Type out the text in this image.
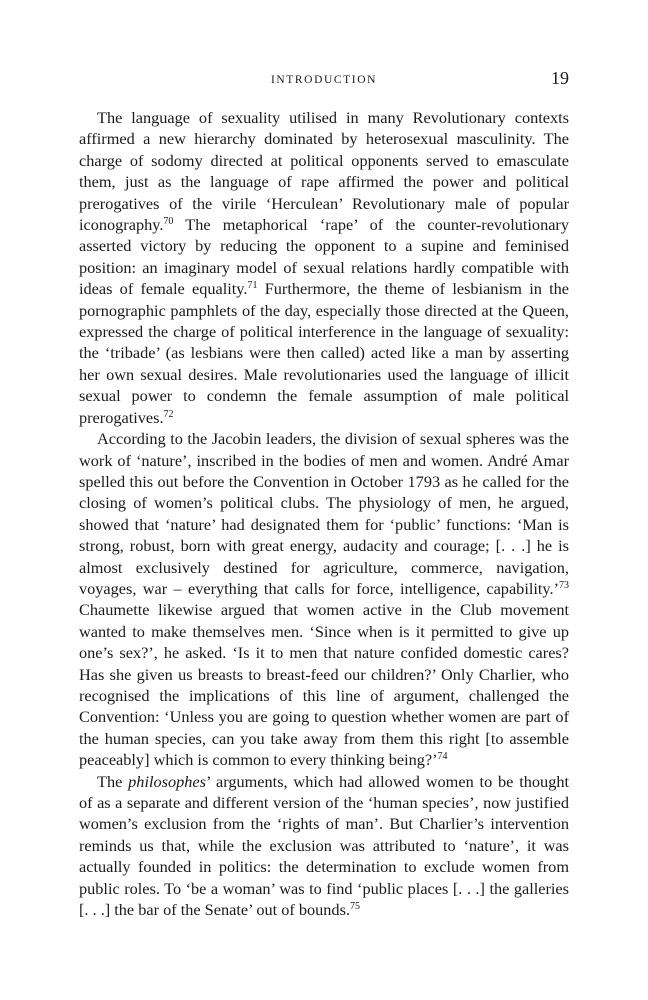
INTRODUCTION	19

The language of sexuality utilised in many Revolutionary contexts affirmed a new hierarchy dominated by heterosexual masculinity. The charge of sodomy directed at political opponents served to emasculate them, just as the language of rape affirmed the power and political prerogatives of the virile ‘Herculean’ Revolutionary male of popular iconography.$^{70}$ The metaphorical ‘rape’ of the counter-revolutionary asserted victory by reducing the opponent to a supine and feminised position: an imaginary model of sexual relations hardly compatible with ideas of female equality.$^{71}$ Furthermore, the theme of lesbianism in the pornographic pamphlets of the day, especially those directed at the Queen, expressed the charge of political interference in the language of sexuality: the ‘tribade’ (as lesbians were then called) acted like a man by asserting her own sexual desires. Male revolutionaries used the language of illicit sexual power to condemn the female assumption of male political prerogatives.$^{72}$

According to the Jacobin leaders, the division of sexual spheres was the work of ‘nature’, inscribed in the bodies of men and women. André Amar spelled this out before the Convention in October 1793 as he called for the closing of women’s political clubs. The physiology of men, he argued, showed that ‘nature’ had designated them for ‘public’ functions: ‘Man is strong, robust, born with great energy, audacity and courage; [. . .] he is almost exclusively destined for agriculture, commerce, navigation, voyages, war – everything that calls for force, intelligence, capability.’$^{73}$ Chaumette likewise argued that women active in the Club movement wanted to make themselves men. ‘Since when is it permitted to give up one’s sex?’, he asked. ‘Is it to men that nature confided domestic cares? Has she given us breasts to breast-feed our children?’ Only Charlier, who recognised the implications of this line of argument, challenged the Convention: ‘Unless you are going to question whether women are part of the human species, can you take away from them this right [to assemble peaceably] which is common to every thinking being?’$^{74}$

The philosophes’ arguments, which had allowed women to be thought of as a separate and different version of the ‘human species’, now justified women’s exclusion from the ‘rights of man’. But Charlier’s intervention reminds us that, while the exclusion was attributed to ‘nature’, it was actually founded in politics: the determination to exclude women from public roles. To ‘be a woman’ was to find ‘public places [. . .] the galleries [. . .] the bar of the Senate’ out of bounds.$^{75}$
